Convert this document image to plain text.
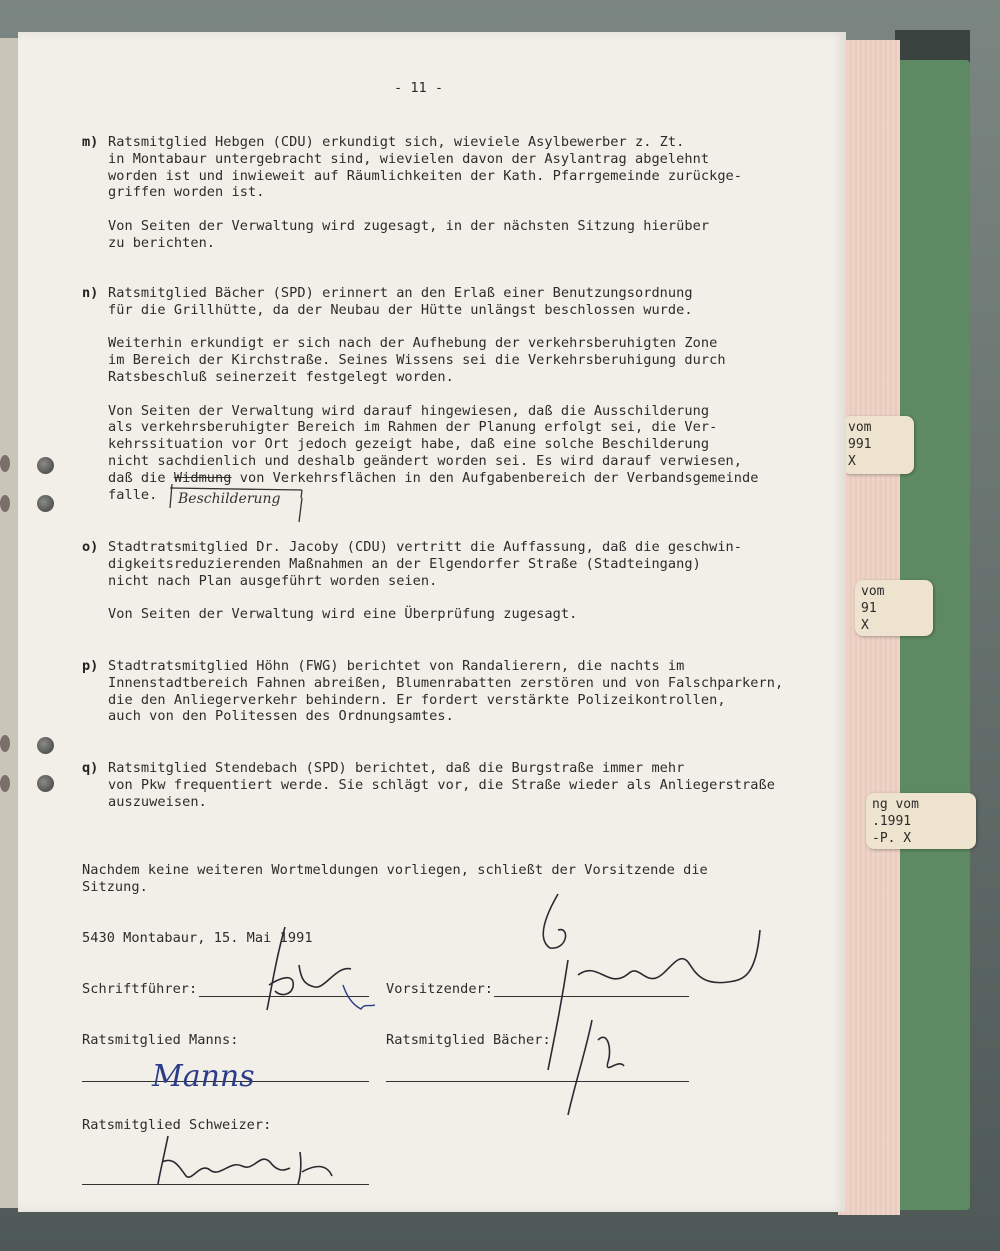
vom
991
X
vom
91
X
ng vom
.1991
-P. X
- 11 -
m) Ratsmitglied Hebgen (CDU) erkundigt sich, wieviele Asylbewerber z. Zt.
in Montabaur untergebracht sind, wievielen davon der Asylantrag abgelehnt
worden ist und inwieweit auf Räumlichkeiten der Kath. Pfarrgemeinde zurückge-
griffen worden ist.
Von Seiten der Verwaltung wird zugesagt, in der nächsten Sitzung hierüber
zu berichten.
n) Ratsmitglied Bächer (SPD) erinnert an den Erlaß einer Benutzungsordnung
für die Grillhütte, da der Neubau der Hütte unlängst beschlossen wurde.
Weiterhin erkundigt er sich nach der Aufhebung der verkehrsberuhigten Zone
im Bereich der Kirchstraße. Seines Wissens sei die Verkehrsberuhigung durch
Ratsbeschluß seinerzeit festgelegt worden.
Von Seiten der Verwaltung wird darauf hingewiesen, daß die Ausschilderung
als verkehrsberuhigter Bereich im Rahmen der Planung erfolgt sei, die Ver-
kehrssituation vor Ort jedoch gezeigt habe, daß eine solche Beschilderung
nicht sachdienlich und deshalb geändert worden sei. Es wird darauf verwiesen,
daß die Widmung von Verkehrsflächen in den Aufgabenbereich der Verbandsgemeinde
falle.	Beschilderung
o) Stadtratsmitglied Dr. Jacoby (CDU) vertritt die Auffassung, daß die geschwin-
digkeitsreduzierenden Maßnahmen an der Elgendorfer Straße (Stadteingang)
nicht nach Plan ausgeführt worden seien.
Von Seiten der Verwaltung wird eine Überprüfung zugesagt.
p) Stadtratsmitglied Höhn (FWG) berichtet von Randalierern, die nachts im
Innenstadtbereich Fahnen abreißen, Blumenrabatten zerstören und von Falschparkern,
die den Anliegerverkehr behindern. Er fordert verstärkte Polizeikontrollen,
auch von den Politessen des Ordnungsamtes.
q) Ratsmitglied Stendebach (SPD) berichtet, daß die Burgstraße immer mehr
von Pkw frequentiert werde. Sie schlägt vor, die Straße wieder als Anliegerstraße
auszuweisen.
Nachdem keine weiteren Wortmeldungen vorliegen, schließt der Vorsitzende die
Sitzung.
5430 Montabaur, 15. Mai 1991
Schriftführer:	Vorsitzender:
Ratsmitglied Manns:	Ratsmitglied Bächer:
Ratsmitglied Schweizer:
Manns
